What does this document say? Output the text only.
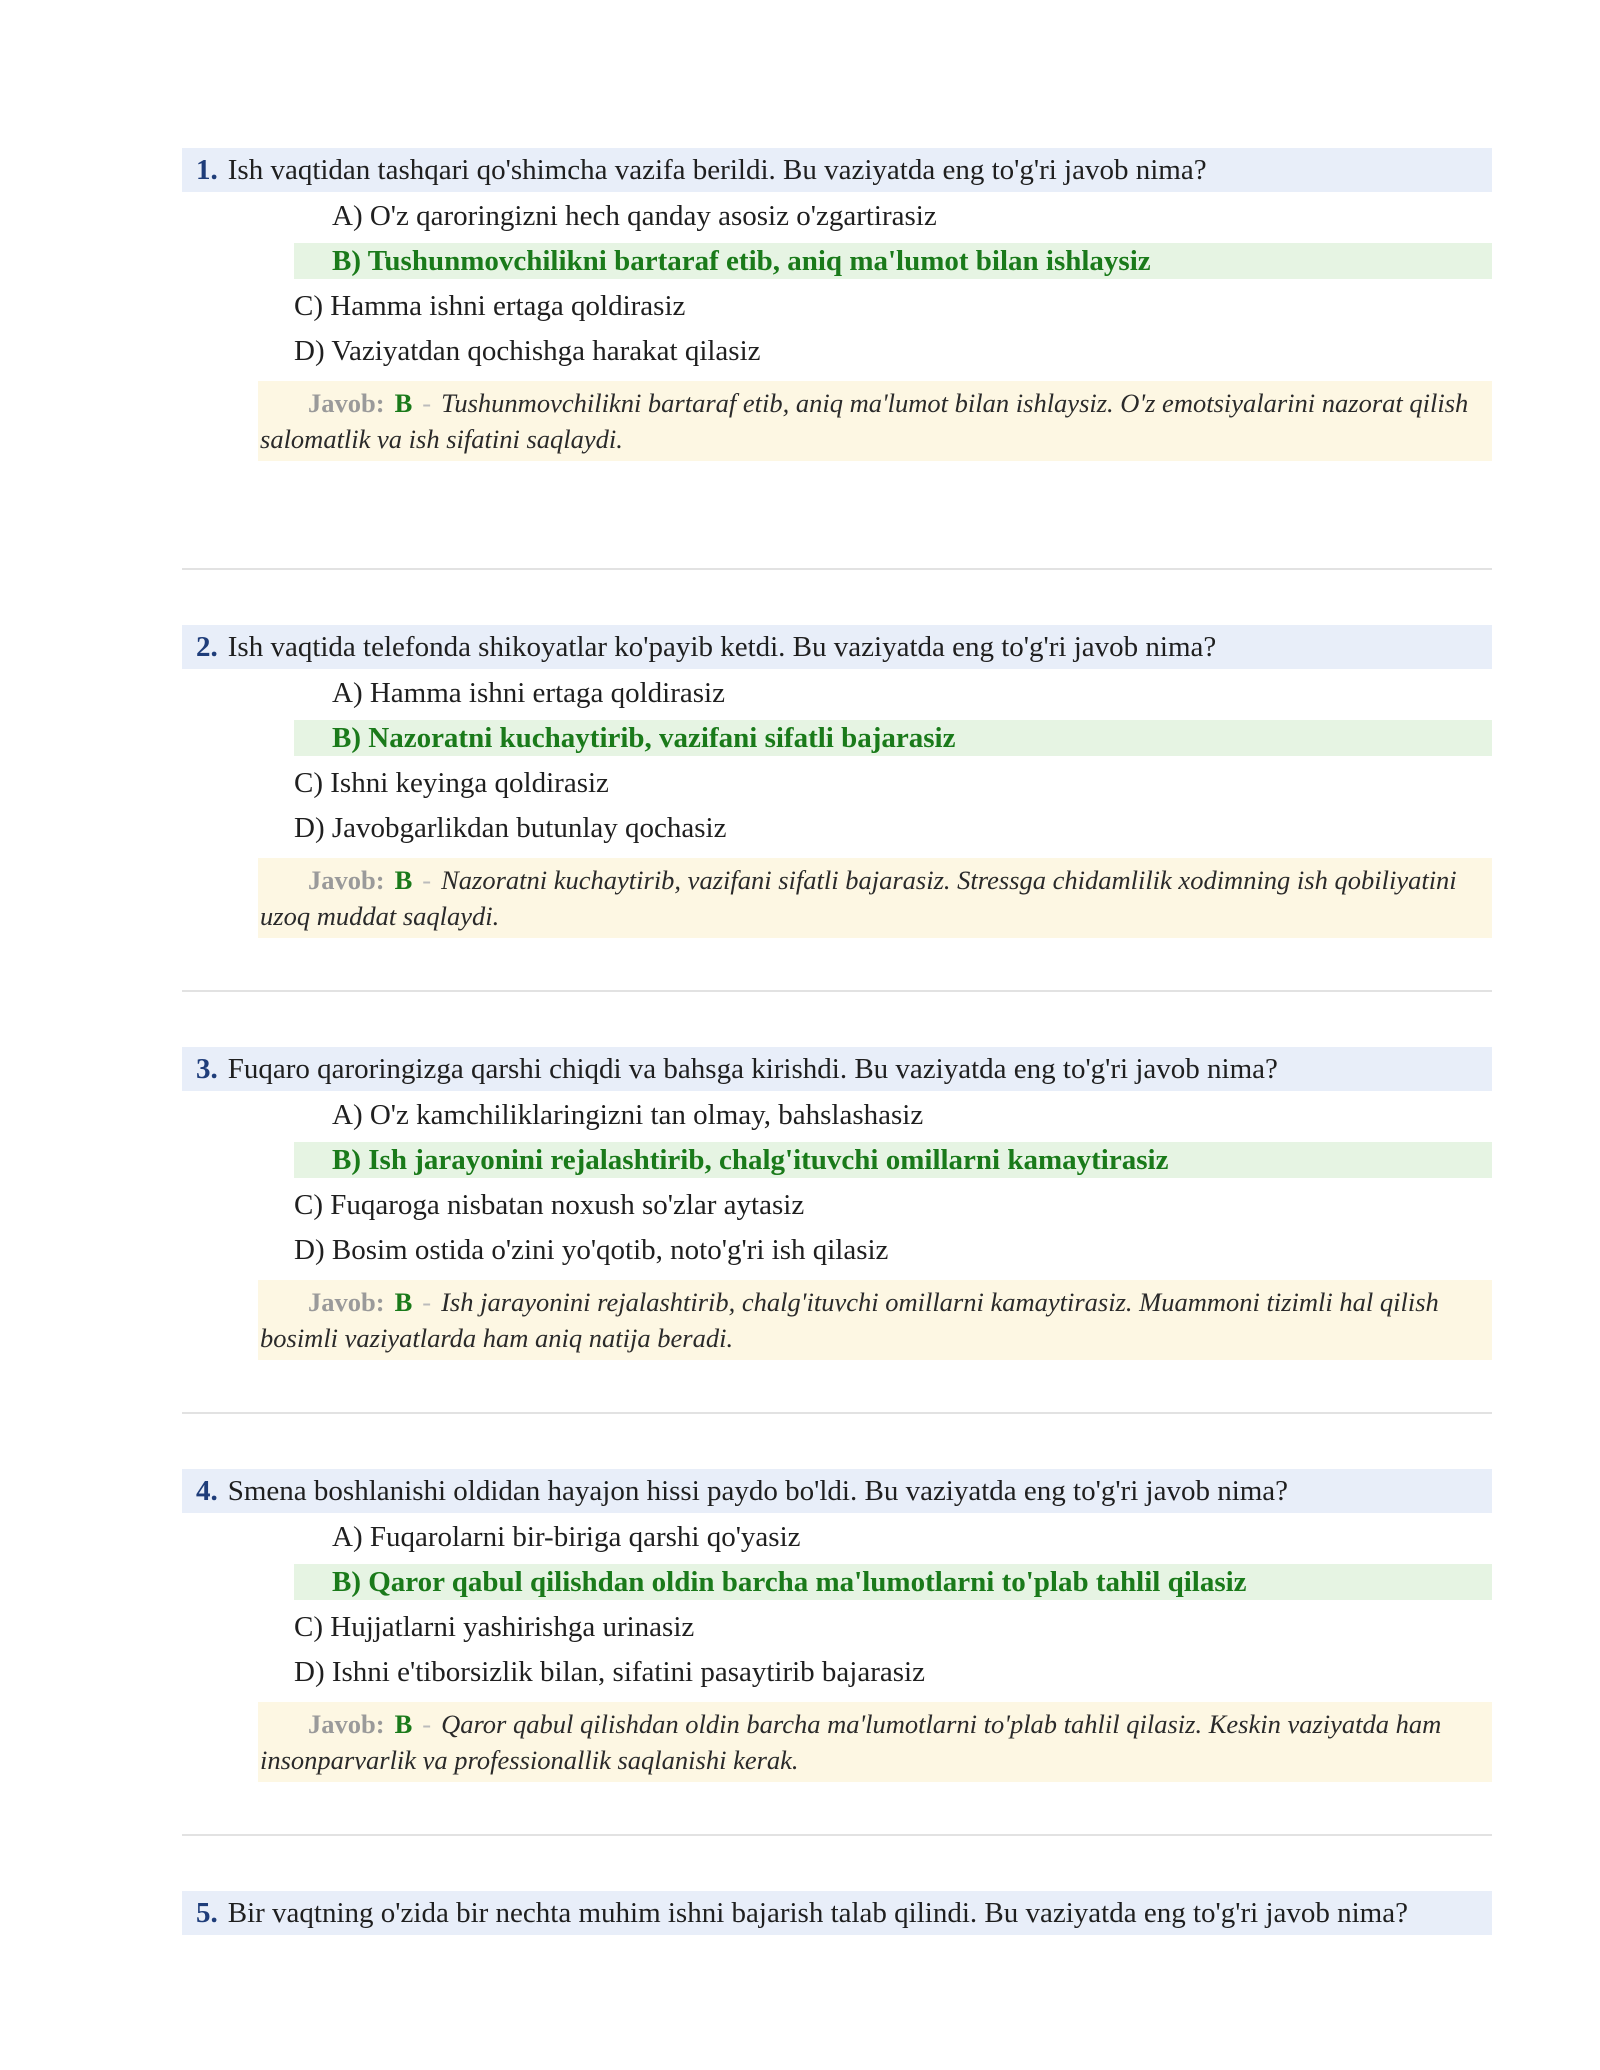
1. Ish vaqtidan tashqari qo'shimcha vazifa berildi. Bu vaziyatda eng to'g'ri javob nima?
A) O'z qaroringizni hech qanday asosiz o'zgartirasiz
B) Tushunmovchilikni bartaraf etib, aniq ma'lumot bilan ishlaysiz
C) Hamma ishni ertaga qoldirasiz
D) Vaziyatdan qochishga harakat qilasiz
Javob: B - Tushunmovchilikni bartaraf etib, aniq ma'lumot bilan ishlaysiz. O'z emotsiyalarini nazorat qilish salomatlik va ish sifatini saqlaydi.
2. Ish vaqtida telefonda shikoyatlar ko'payib ketdi. Bu vaziyatda eng to'g'ri javob nima?
A) Hamma ishni ertaga qoldirasiz
B) Nazoratni kuchaytirib, vazifani sifatli bajarasiz
C) Ishni keyinga qoldirasiz
D) Javobgarlikdan butunlay qochasiz
Javob: B - Nazoratni kuchaytirib, vazifani sifatli bajarasiz. Stressga chidamlilik xodimning ish qobiliyatini uzoq muddat saqlaydi.
3. Fuqaro qaroringizga qarshi chiqdi va bahsga kirishdi. Bu vaziyatda eng to'g'ri javob nima?
A) O'z kamchiliklaringizni tan olmay, bahslashasiz
B) Ish jarayonini rejalashtirib, chalg'ituvchi omillarni kamaytirasiz
C) Fuqaroga nisbatan noxush so'zlar aytasiz
D) Bosim ostida o'zini yo'qotib, noto'g'ri ish qilasiz
Javob: B - Ish jarayonini rejalashtirib, chalg'ituvchi omillarni kamaytirasiz. Muammoni tizimli hal qilish bosimli vaziyatlarda ham aniq natija beradi.
4. Smena boshlanishi oldidan hayajon hissi paydo bo'ldi. Bu vaziyatda eng to'g'ri javob nima?
A) Fuqarolarni bir-biriga qarshi qo'yasiz
B) Qaror qabul qilishdan oldin barcha ma'lumotlarni to'plab tahlil qilasiz
C) Hujjatlarni yashirishga urinasiz
D) Ishni e'tiborsizlik bilan, sifatini pasaytirib bajarasiz
Javob: B - Qaror qabul qilishdan oldin barcha ma'lumotlarni to'plab tahlil qilasiz. Keskin vaziyatda ham insonparvarlik va professionallik saqlanishi kerak.
5. Bir vaqtning o'zida bir nechta muhim ishni bajarish talab qilindi. Bu vaziyatda eng to'g'ri javob nima?
